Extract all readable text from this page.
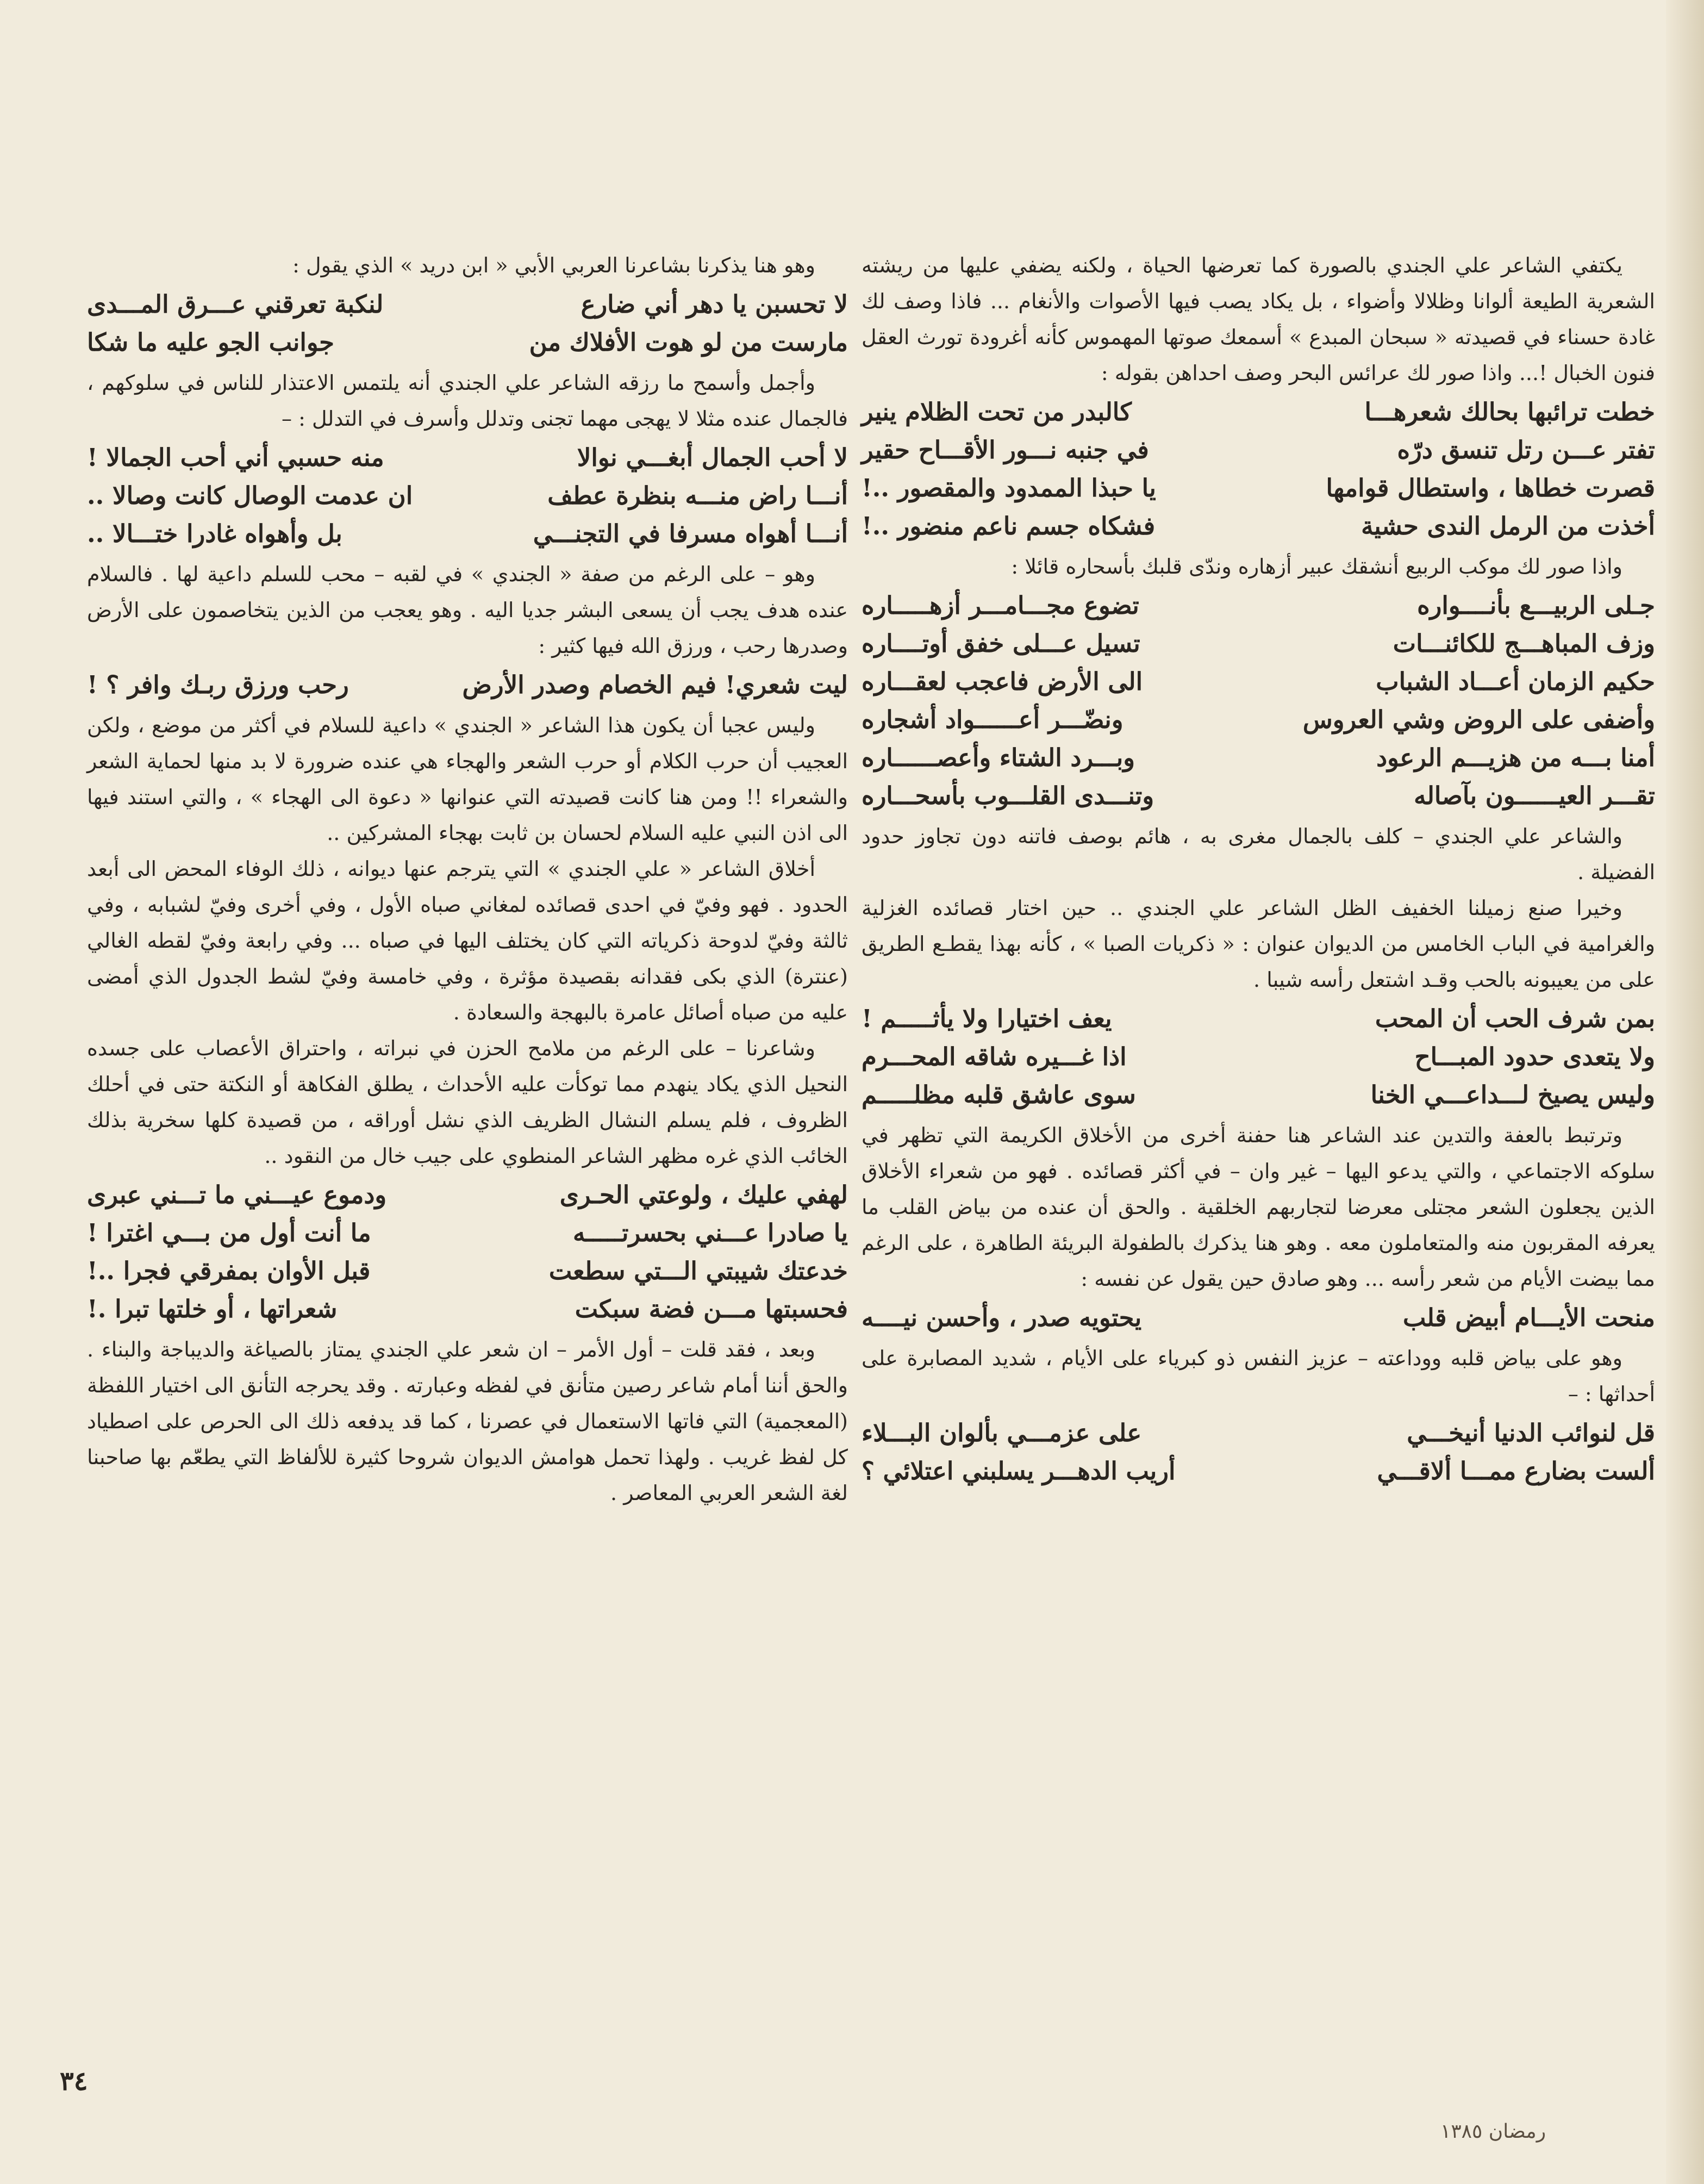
يكتفي الشاعر علي الجندي بالصورة كما تعرضها الحياة ، ولكنه يضفي عليها من ريشته الشعرية الطيعة ألوانا وظلالا وأضواء ، بل يكاد يصب فيها الأصوات والأنغام ... فاذا وصف لك غادة حسناء في قصيدته « سبحان المبدع » أسمعك صوتها المهموس كأنه أغرودة تورث العقل فنون الخبال !... واذا صور لك عرائس البحر وصف احداهن بقوله :

خطت ترائبها بحالك شعرهـــا
كالبدر من تحت الظلام ينير
تفتر عـــن رتل تنسق درّه
في جنبه نـــور الأقـــاح حقير
قصرت خطاها ، واستطال قوامها
يا حبذا الممدود والمقصور ..!
أخذت من الرمل الندى حشية
فشكاه جسم ناعم منضور ..!

واذا صور لك موكب الربيع أنشقك عبير أزهاره وندّى قلبك بأسحاره قائلا :

جـلى الربيـــع بأنــــواره
تضوع مجـــامـــر أزهـــــاره
وزف المباهـــج للكائنـــات
تسيل عـــلى خفق أوتــــاره
حكيم الزمان أعـــاد الشباب
الى الأرض فاعجب لعقـــاره
وأضفى على الروض وشي العروس
ونضّـــر أعــــــواد أشجاره
أمنا بـــه من هزيـــم الرعود
وبـــرد الشتاء وأعصــــــاره
تقـــر العيــــــون بآصاله
وتنـــدى القلـــوب بأسحـــاره

والشاعر علي الجندي – كلف بالجمال مغرى به ، هائم بوصف فاتنه دون تجاوز حدود الفضيلة .

وخيرا صنع زميلنا الخفيف الظل الشاعر علي الجندي .. حين اختار قصائده الغزلية والغرامية في الباب الخامس من الديوان عنوان : « ذكريات الصبا » ، كأنه بهذا يقطـع الطريق على من يعيبونه بالحب وقـد اشتعل رأسه شيبا .

بمن شرف الحب أن المحب
يعف اختيارا ولا يأثـــــم !
ولا يتعدى حدود المبـــاح
اذا غـــيره شاقه المحـــرم
وليس يصيخ لـــداعـــي الخنا
سوى عاشق قلبه مظلـــــم

وترتبط بالعفة والتدين عند الشاعر هنا حفنة أخرى من الأخلاق الكريمة التي تظهر في سلوكه الاجتماعي ، والتي يدعو اليها – غير وان – في أكثر قصائده . فهو من شعراء الأخلاق الذين يجعلون الشعر مجتلى معرضا لتجاربهم الخلقية . والحق أن عنده من بياض القلب ما يعرفه المقربون منه والمتعاملون معه . وهو هنا يذكرك بالطفولة البريئة الطاهرة ، على الرغم مما بيضت الأيام من شعر رأسه ... وهو صادق حين يقول عن نفسه :

منحت الأيـــام أبيض قلب
يحتويه صدر ، وأحسن نيــــه

وهو على بياض قلبه ووداعته – عزيز النفس ذو كبرياء على الأيام ، شديد المصابرة على أحداثها : –

قل لنوائب الدنيا أنيخـــي
على عزمـــي بألوان البـــلاء
ألست بضارع ممـــا ألاقـــي
أريب الدهـــر يسلبني اعتلائي ؟

وهو هنا يذكرنا بشاعرنا العربي الأبي « ابن دريد » الذي يقول :

لا تحسبن يا دهر أني ضارع
لنكبة تعرقني عـــرق المـــدى
مارست من لو هوت الأفلاك من
جوانب الجو عليه ما شكا

وأجمل وأسمح ما رزقه الشاعر علي الجندي أنه يلتمس الاعتذار للناس في سلوكهم ، فالجمال عنده مثلا لا يهجى مهما تجنى وتدلل وأسرف في التدلل : –

لا أحب الجمال أبغـــي نوالا
منه حسبي أني أحب الجمالا !
أنـــا راض منـــه بنظرة عطف
ان عدمت الوصال كانت وصالا ..
أنـــا أهواه مسرفا في التجنـــي
بل وأهواه غادرا ختـــالا ..

وهو – على الرغم من صفة « الجندي » في لقبه – محب للسلم داعية لها . فالسلام عنده هدف يجب أن يسعى البشر جديا اليه . وهو يعجب من الذين يتخاصمون على الأرض وصدرها رحب ، ورزق الله فيها كثير :

ليت شعري! فيم الخصام وصدر الأرض
رحب ورزق ربـك وافر ؟ !

وليس عجبا أن يكون هذا الشاعر « الجندي » داعية للسلام في أكثر من موضع ، ولكن العجيب أن حرب الكلام أو حرب الشعر والهجاء هي عنده ضرورة لا بد منها لحماية الشعر والشعراء !! ومن هنا كانت قصيدته التي عنوانها « دعوة الى الهجاء » ، والتي استند فيها الى اذن النبي عليه السلام لحسان بن ثابت بهجاء المشركين ..

أخلاق الشاعر « علي الجندي » التي يترجم عنها ديوانه ، ذلك الوفاء المحض الى أبعد الحدود . فهو وفيّ في احدى قصائده لمغاني صباه الأول ، وفي أخرى وفيّ لشبابه ، وفي ثالثة وفيّ لدوحة ذكرياته التي كان يختلف اليها في صباه ... وفي رابعة وفيّ لقطه الغالي (عنترة) الذي بكى فقدانه بقصيدة مؤثرة ، وفي خامسة وفيّ لشط الجدول الذي أمضى عليه من صباه أصائل عامرة بالبهجة والسعادة .

وشاعرنا – على الرغم من ملامح الحزن في نبراته ، واحتراق الأعصاب على جسده النحيل الذي يكاد ينهدم مما توكأت عليه الأحداث ، يطلق الفكاهة أو النكتة حتى في أحلك الظروف ، فلم يسلم النشال الظريف الذي نشل أوراقه ، من قصيدة كلها سخرية بذلك الخائب الذي غره مظهر الشاعر المنطوي على جيب خال من النقود ..

لهفي عليك ، ولوعتي الحـرى
ودموع عيـــني ما تـــني عبرى
يا صادرا عـــني بحسرتـــــه
ما أنت أول من بـــي اغترا !
خدعتك شيبتي الـــتي سطعت
قبل الأوان بمفرقي فجرا ..!
فحسبتها مـــن فضة سبكت
شعراتها ، أو خلتها تبرا .!

وبعد ، فقد قلت – أول الأمر – ان شعر علي الجندي يمتاز بالصياغة والديباجة والبناء . والحق أننا أمام شاعر رصين متأنق في لفظه وعبارته . وقد يحرجه التأنق الى اختيار اللفظة (المعجمية) التي فاتها الاستعمال في عصرنا ، كما قد يدفعه ذلك الى الحرص على اصطياد كل لفظ غريب . ولهذا تحمل هوامش الديوان شروحا كثيرة للألفاظ التي يطعّم بها صاحبنا لغة الشعر العربي المعاصر .

٣٤
رمضان ١٣٨٥
